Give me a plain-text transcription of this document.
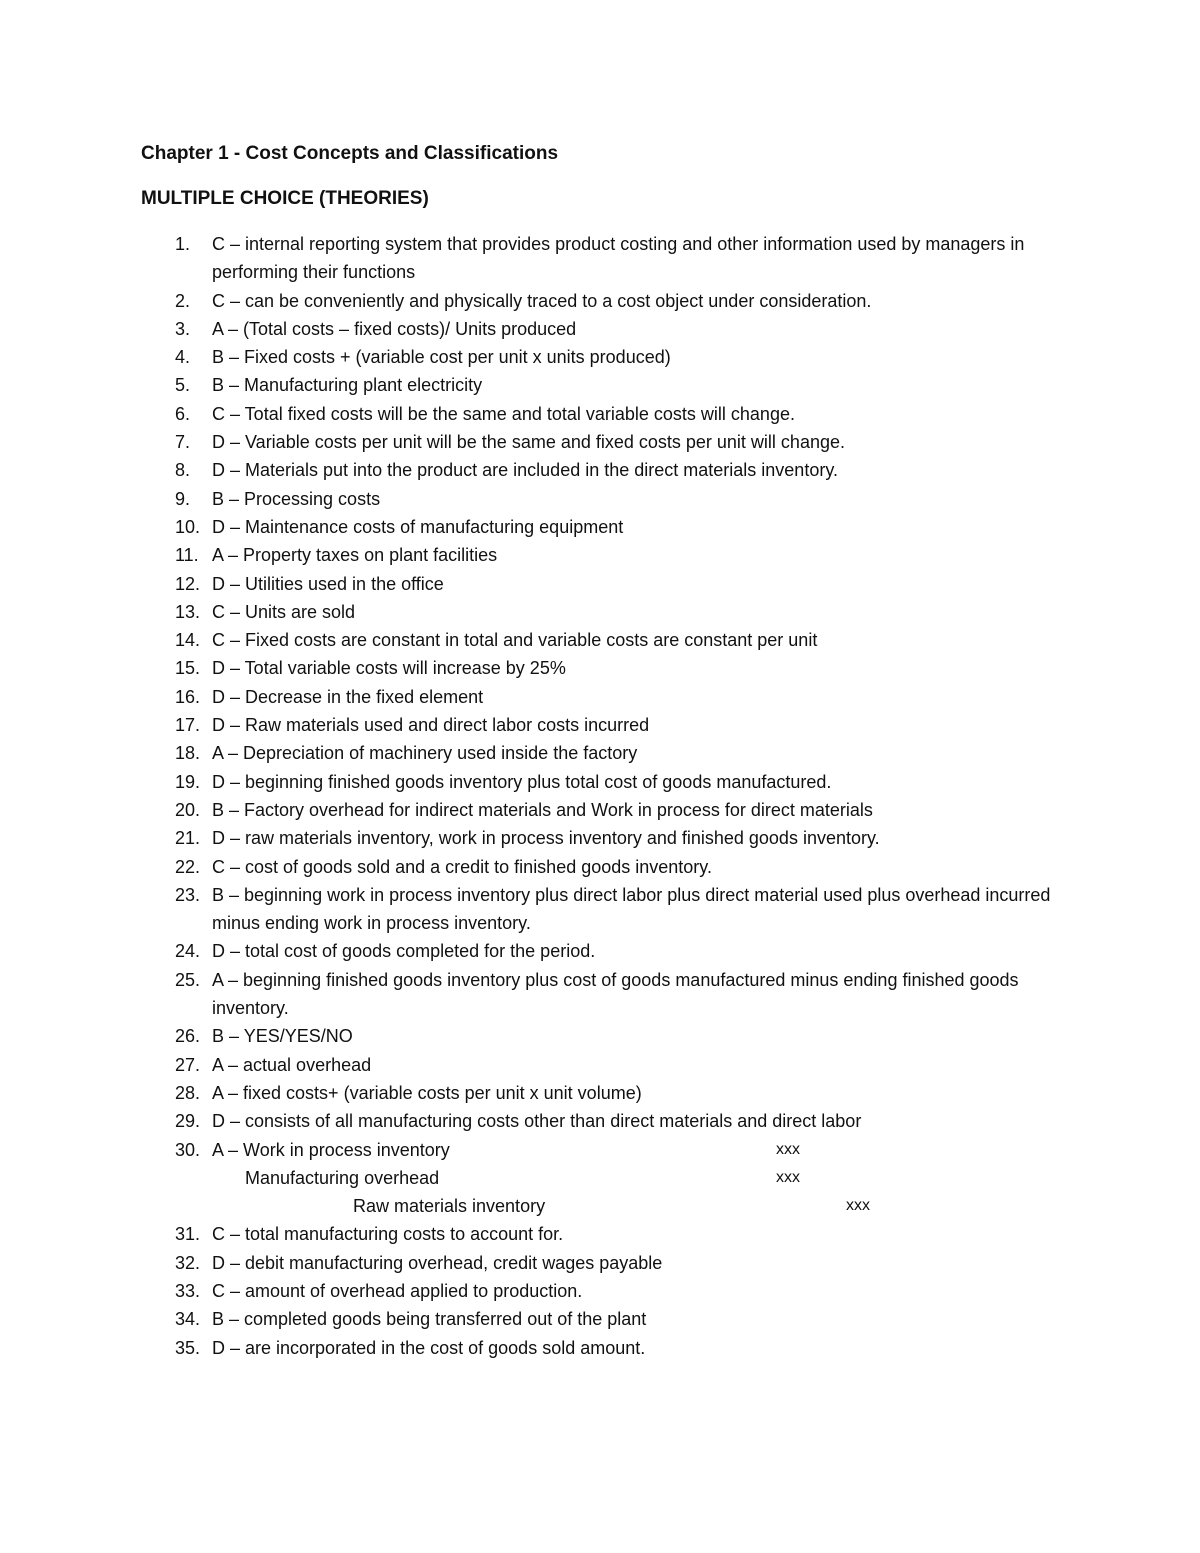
Chapter 1 - Cost Concepts and Classifications
MULTIPLE CHOICE (THEORIES)
1. C – internal reporting system that provides product costing and other information used by managers in performing their functions
2. C – can be conveniently and physically traced to a cost object under consideration.
3. A – (Total costs – fixed costs)/ Units produced
4. B – Fixed costs + (variable cost per unit x units produced)
5. B – Manufacturing plant electricity
6. C – Total fixed costs will be the same and total variable costs will change.
7. D – Variable costs per unit will be the same and fixed costs per unit will change.
8. D – Materials put into the product are included in the direct materials inventory.
9. B – Processing costs
10. D – Maintenance costs of manufacturing equipment
11. A – Property taxes on plant facilities
12. D – Utilities used in the office
13. C – Units are sold
14. C – Fixed costs are constant in total and variable costs are constant per unit
15. D – Total variable costs will increase by 25%
16. D – Decrease in the fixed element
17. D – Raw materials used and direct labor costs incurred
18. A – Depreciation of machinery used inside the factory
19. D – beginning finished goods inventory plus total cost of goods manufactured.
20. B – Factory overhead for indirect materials and Work in process for direct materials
21. D – raw materials inventory, work in process inventory and finished goods inventory.
22. C – cost of goods sold and a credit to finished goods inventory.
23. B – beginning work in process inventory plus direct labor plus direct material used plus overhead incurred minus ending work in process inventory.
24. D – total cost of goods completed for the period.
25. A – beginning finished goods inventory plus cost of goods manufactured minus ending finished goods inventory.
26. B – YES/YES/NO
27. A – actual overhead
28. A – fixed costs+ (variable costs per unit x unit volume)
29. D – consists of all manufacturing costs other than direct materials and direct labor
30. A – Work in process inventory	xxx
Manufacturing overhead	xxx
Raw materials inventory	xxx
31. C – total manufacturing costs to account for.
32. D – debit manufacturing overhead, credit wages payable
33. C – amount of overhead applied to production.
34. B – completed goods being transferred out of the plant
35. D – are incorporated in the cost of goods sold amount.
